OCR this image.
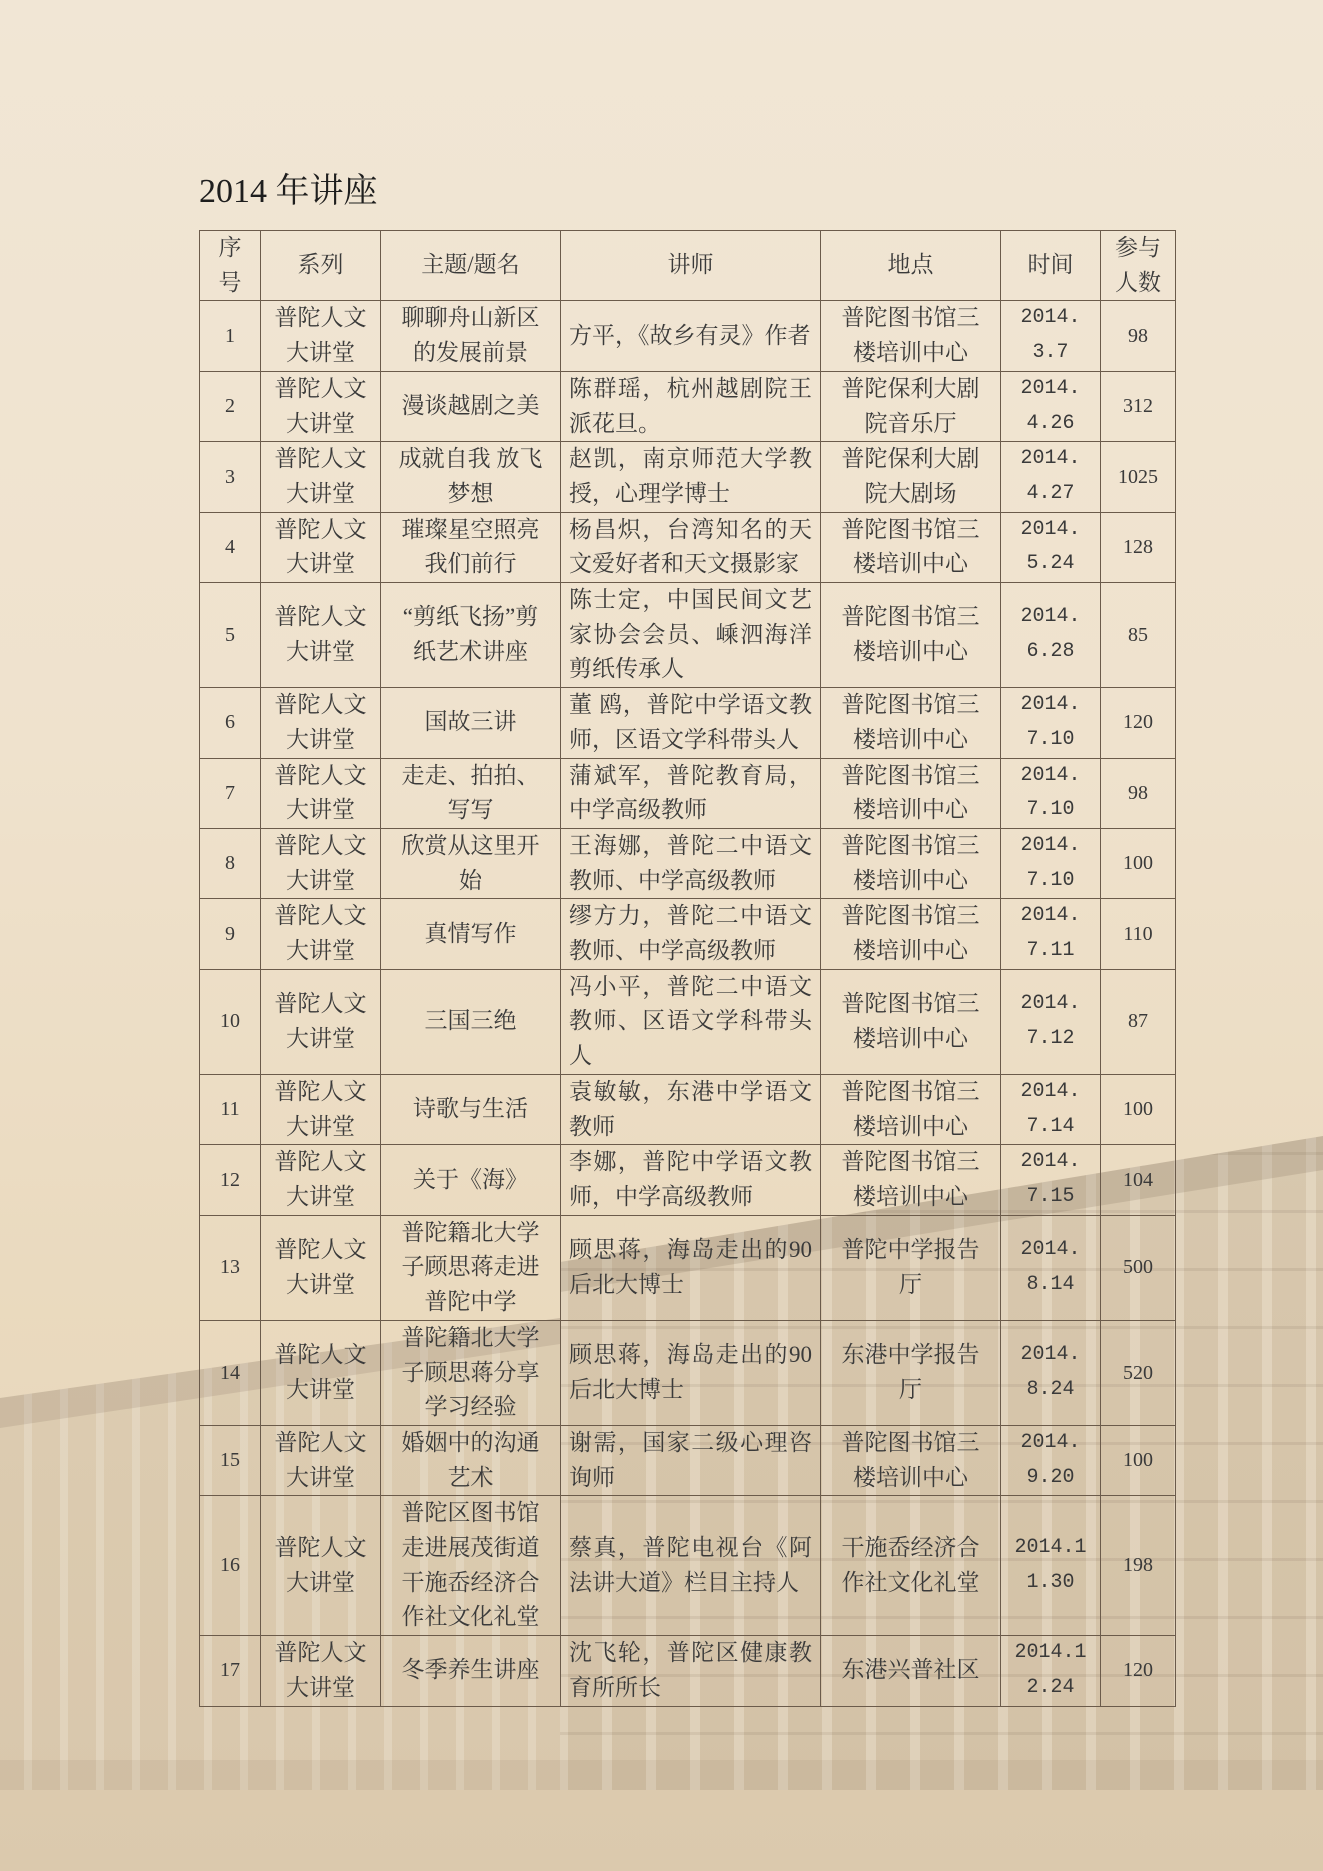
2014 年讲座
序号	系列	主题/题名	讲师	地点	时间	参与人数
1	普陀人文大讲堂	聊聊舟山新区的发展前景	方平，《故乡有灵》作者	普陀图书馆三楼培训中心	2014.3.7	98
2	普陀人文大讲堂	漫谈越剧之美	陈群瑶，杭州越剧院王派花旦。	普陀保利大剧院音乐厅	2014.4.26	312
3	普陀人文大讲堂	成就自我 放飞梦想	赵凯，南京师范大学教授，心理学博士	普陀保利大剧院大剧场	2014.4.27	1025
4	普陀人文大讲堂	璀璨星空照亮我们前行	杨昌炽，台湾知名的天文爱好者和天文摄影家	普陀图书馆三楼培训中心	2014.5.24	128
5	普陀人文大讲堂	“剪纸飞扬”剪纸艺术讲座	陈士定，中国民间文艺家协会会员、嵊泗海洋剪纸传承人	普陀图书馆三楼培训中心	2014.6.28	85
6	普陀人文大讲堂	国故三讲	董 鸥，普陀中学语文教师，区语文学科带头人	普陀图书馆三楼培训中心	2014.7.10	120
7	普陀人文大讲堂	走走、拍拍、写写	蒲斌军，普陀教育局，中学高级教师	普陀图书馆三楼培训中心	2014.7.10	98
8	普陀人文大讲堂	欣赏从这里开始	王海娜，普陀二中语文教师、中学高级教师	普陀图书馆三楼培训中心	2014.7.10	100
9	普陀人文大讲堂	真情写作	缪方力，普陀二中语文教师、中学高级教师	普陀图书馆三楼培训中心	2014.7.11	110
10	普陀人文大讲堂	三国三绝	冯小平，普陀二中语文教师、区语文学科带头人	普陀图书馆三楼培训中心	2014.7.12	87
11	普陀人文大讲堂	诗歌与生活	袁敏敏，东港中学语文教师	普陀图书馆三楼培训中心	2014.7.14	100
12	普陀人文大讲堂	关于《海》	李娜，普陀中学语文教师，中学高级教师	普陀图书馆三楼培训中心	2014.7.15	104
13	普陀人文大讲堂	普陀籍北大学子顾思蒋走进普陀中学	顾思蒋，海岛走出的90后北大博士	普陀中学报告厅	2014.8.14	500
14	普陀人文大讲堂	普陀籍北大学子顾思蒋分享学习经验	顾思蒋，海岛走出的90后北大博士	东港中学报告厅	2014.8.24	520
15	普陀人文大讲堂	婚姻中的沟通艺术	谢需，国家二级心理咨询师	普陀图书馆三楼培训中心	2014.9.20	100
16	普陀人文大讲堂	普陀区图书馆走进展茂街道干施岙经济合作社文化礼堂	蔡真，普陀电视台《阿法讲大道》栏目主持人	干施岙经济合作社文化礼堂	2014.11.30	198
17	普陀人文大讲堂	冬季养生讲座	沈飞轮，普陀区健康教育所所长	东港兴普社区	2014.12.24	120
